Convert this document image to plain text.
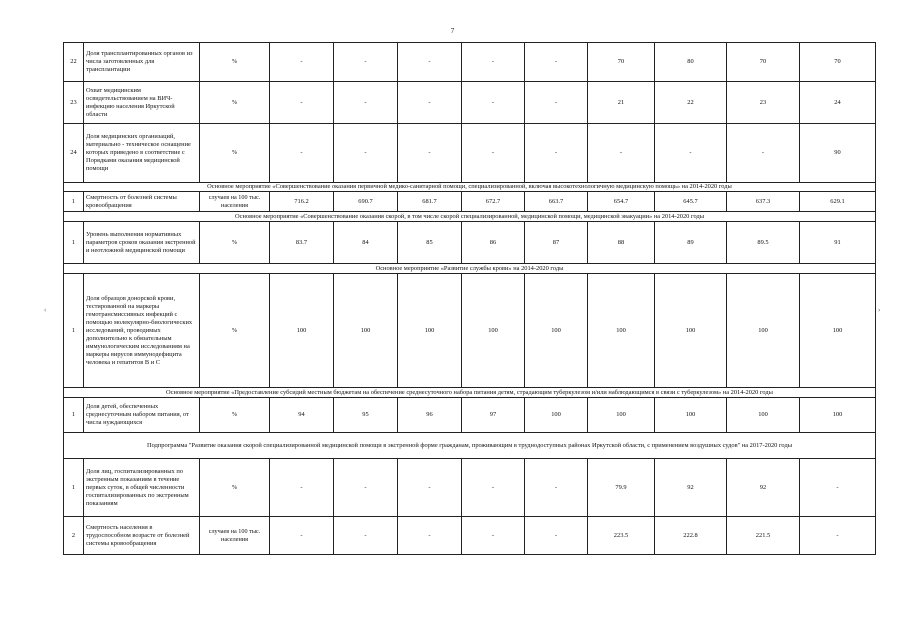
7
22	Доля трансплантированных органов из числа заготовленных для трансплантации	%	-	-	-	-	-	70	80	70	70
23	Охват медицинским освидетельствованием на ВИЧ-инфекцию населения Иркутской области	%	-	-	-	-	-	21	22	23	24
24	Доля медицинских организаций, материально - техническое оснащение которых приведено в соответствие с Порядками оказания медицинской помощи	%	-	-	-	-	-	-	-	-	90
Основное мероприятие «Совершенствование оказания первичной медико-санитарной помощи, специализированной, включая высокотехнологичную медицинскую помощь» на 2014-2020 годы											
1	Смертность от болезней системы кровообращения	случаев на 100 тыс. населения	716.2	690.7	681.7	672.7	663.7	654.7	645.7	637.3	629.1
Основное мероприятие «Совершенствование оказания скорой, в том числе скорой специализированной, медицинской помощи, медицинской эвакуации» на 2014-2020 годы											
1	Уровень выполнения нормативных параметров сроков оказания экстренной и неотложной медицинской помощи	%	83.7	84	85	86	87	88	89	89.5	91
Основное мероприятие «Развитие службы крови» на 2014-2020 годы											
1	Доля образцов донорской крови, тестированной на маркеры гемотрансмиссивных инфекций с помощью молекулярно-биологических исследований, проводимых дополнительно к обязательным иммунологическим исследованиям на маркеры вирусов иммунодефицита человека и гепатитов В и С	%	100	100	100	100	100	100	100	100	100
Основное мероприятие «Предоставление субсидий местным бюджетам на обеспечение среднесуточного набора питания детям, страдающим туберкулезом и/или наблюдающимся в связи с туберкулезом» на 2014-2020 годы											
1	Доля детей, обеспеченных среднесуточным набором питания, от числа нуждающихся	%	94	95	96	97	100	100	100	100	100
Подпрограмма "Развитие оказания скорой специализированной медицинской помощи в экстренной форме гражданам, проживающим в труднодоступных районах Иркутской области, с применением воздушных судов" на 2017-2020 годы											
1	Доля лиц, госпитализированных по экстренным показаниям в течение первых суток, в общей численности госпитализированных по экстренным показаниям	%	-	-	-	-	-	79.9	92	92	-
2	Смертность населения в трудоспособном возрасте от болезней системы кровообращения	случаев на 100 тыс. населения	-	-	-	-	-	223.5	222.8	221.5	-
‹	›
